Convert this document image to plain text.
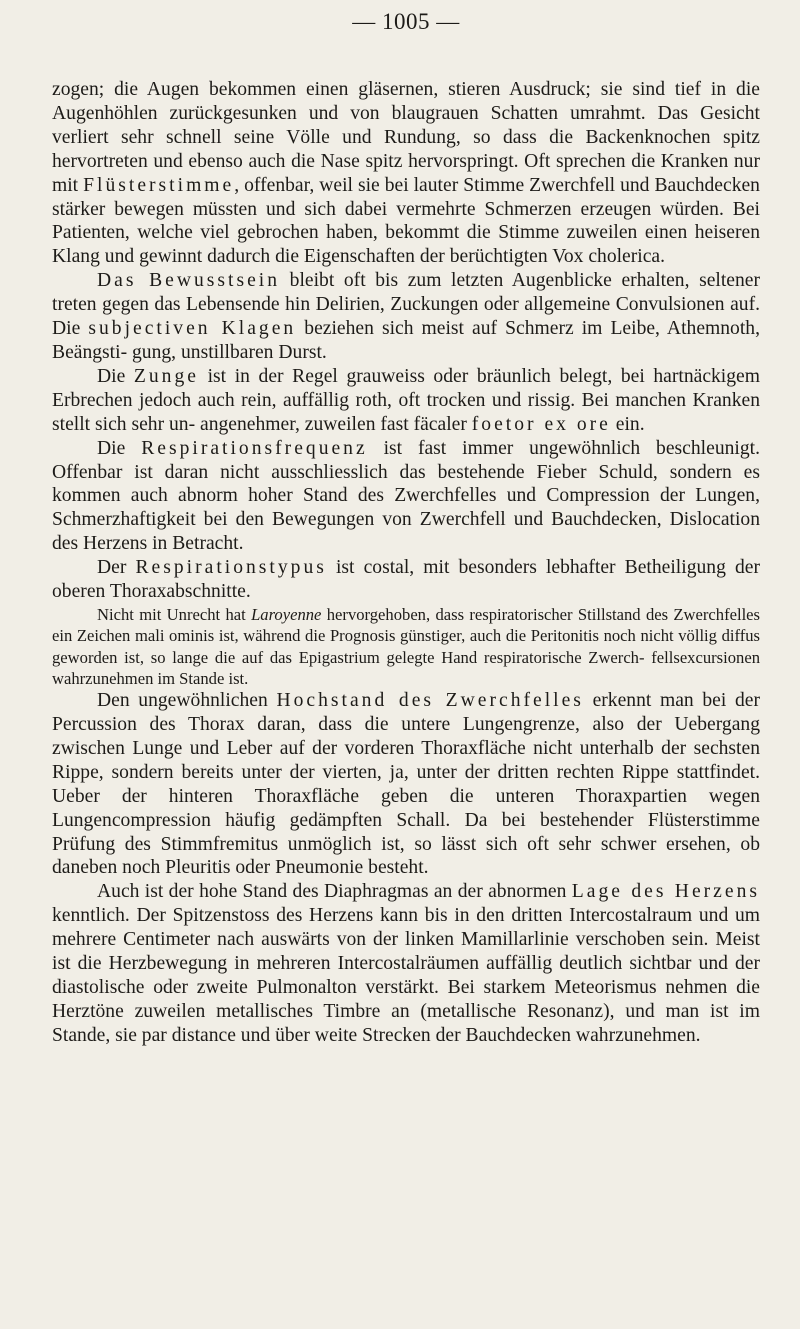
— 1005 —

zogen; die Augen bekommen einen gläsernen, stieren Ausdruck; sie sind tief in die Augenhöhlen zurückgesunken und von blaugrauen Schatten umrahmt. Das Gesicht verliert sehr schnell seine Völle und Rundung, so dass die Backenknochen spitz hervortreten und ebenso auch die Nase spitz hervorspringt. Oft sprechen die Kranken nur mit Flüsterstimme, offenbar, weil sie bei lauter Stimme Zwerchfell und Bauchdecken stärker bewegen müssten und sich dabei vermehrte Schmerzen erzeugen würden. Bei Patienten, welche viel gebrochen haben, bekommt die Stimme zuweilen einen heiseren Klang und gewinnt dadurch die Eigenschaften der berüchtigten Vox cholerica.

Das Bewusstsein bleibt oft bis zum letzten Augenblicke erhalten, seltener treten gegen das Lebensende hin Delirien, Zuckungen oder allgemeine Convulsionen auf. Die subjectiven Klagen beziehen sich meist auf Schmerz im Leibe, Athemnoth, Beängsti- gung, unstillbaren Durst.

Die Zunge ist in der Regel grauweiss oder bräunlich belegt, bei hartnäckigem Erbrechen jedoch auch rein, auffällig roth, oft trocken und rissig. Bei manchen Kranken stellt sich sehr un- angenehmer, zuweilen fast fäcaler foetor ex ore ein.

Die Respirationsfrequenz ist fast immer ungewöhnlich beschleunigt. Offenbar ist daran nicht ausschliesslich das bestehende Fieber Schuld, sondern es kommen auch abnorm hoher Stand des Zwerchfelles und Compression der Lungen, Schmerzhaftigkeit bei den Bewegungen von Zwerchfell und Bauchdecken, Dislocation des Herzens in Betracht.

Der Respirationstypus ist costal, mit besonders lebhafter Betheiligung der oberen Thoraxabschnitte.

Nicht mit Unrecht hat Laroyenne hervorgehoben, dass respiratorischer Stillstand des Zwerchfelles ein Zeichen mali ominis ist, während die Prognosis günstiger, auch die Peritonitis noch nicht völlig diffus geworden ist, so lange die auf das Epigastrium gelegte Hand respiratorische Zwerch- fellsexcursionen wahrzunehmen im Stande ist.

Den ungewöhnlichen Hochstand des Zwerchfelles erkennt man bei der Percussion des Thorax daran, dass die untere Lungengrenze, also der Uebergang zwischen Lunge und Leber auf der vorderen Thoraxfläche nicht unterhalb der sechsten Rippe, sondern bereits unter der vierten, ja, unter der dritten rechten Rippe stattfindet. Ueber der hinteren Thoraxfläche geben die unteren Thoraxpartien wegen Lungencompression häufig gedämpften Schall. Da bei bestehender Flüsterstimme Prüfung des Stimmfremitus unmöglich ist, so lässt sich oft sehr schwer ersehen, ob daneben noch Pleuritis oder Pneumonie besteht.

Auch ist der hohe Stand des Diaphragmas an der abnormen Lage des Herzens kenntlich. Der Spitzenstoss des Herzens kann bis in den dritten Intercostalraum und um mehrere Centimeter nach auswärts von der linken Mamillarlinie verschoben sein. Meist ist die Herzbewegung in mehreren Intercostalräumen auffällig deutlich sichtbar und der diastolische oder zweite Pulmonalton verstärkt. Bei starkem Meteorismus nehmen die Herztöne zuweilen metallisches Timbre an (metallische Resonanz), und man ist im Stande, sie par distance und über weite Strecken der Bauchdecken wahrzunehmen.
